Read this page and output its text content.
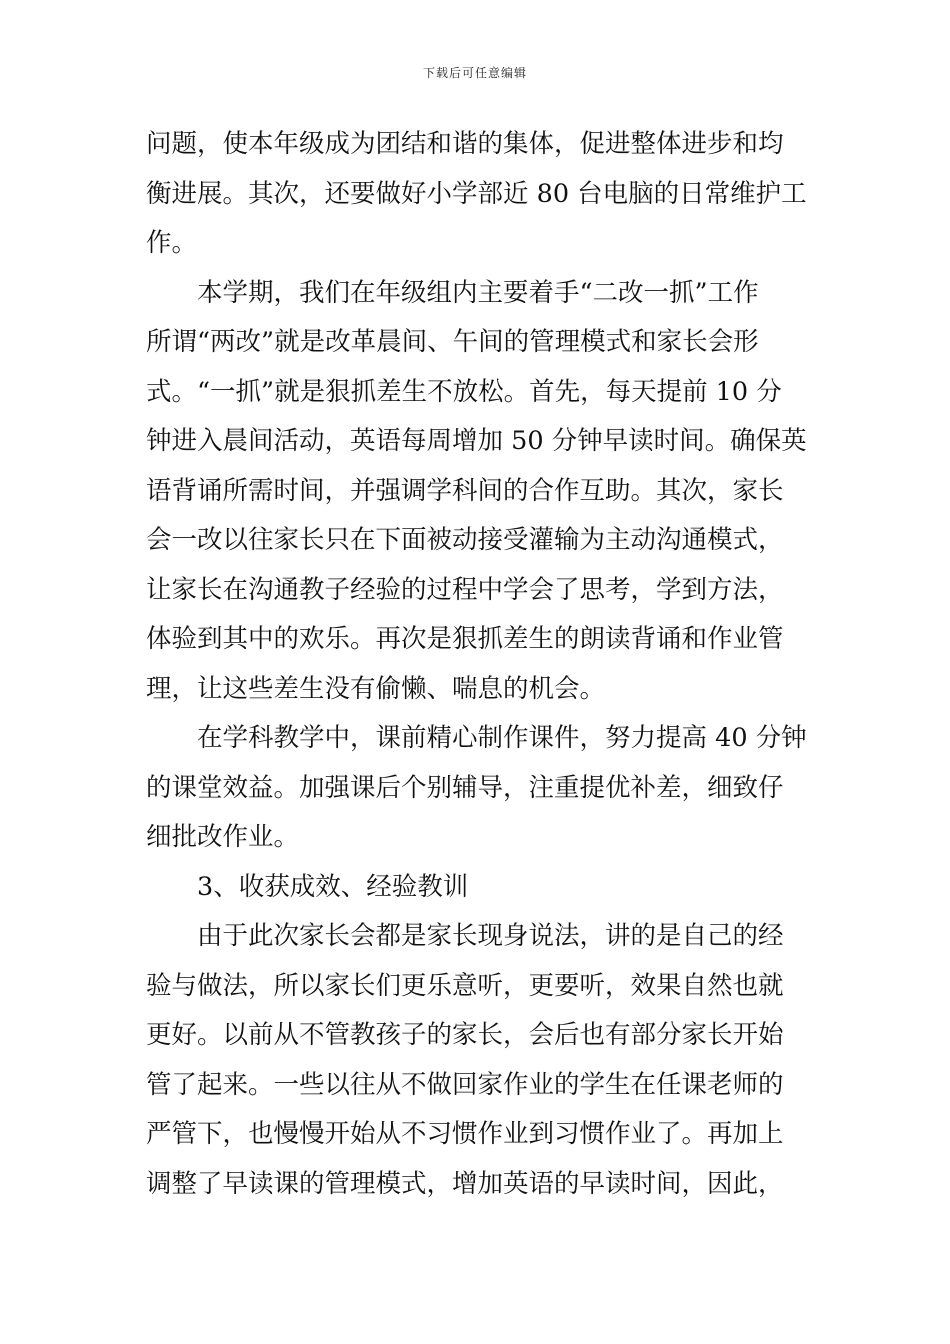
下载后可任意编辑
问题，使本年级成为团结和谐的集体，促进整体进步和均
衡进展。其次，还要做好小学部近 80 台电脑的日常维护工
作。
　　本学期，我们在年级组内主要着手“二改一抓”工作
所谓“两改”就是改革晨间、午间的管理模式和家长会形
式。“一抓”就是狠抓差生不放松。首先，每天提前 10 分
钟进入晨间活动，英语每周增加 50 分钟早读时间。确保英
语背诵所需时间，并强调学科间的合作互助。其次，家长
会一改以往家长只在下面被动接受灌输为主动沟通模式，
让家长在沟通教子经验的过程中学会了思考，学到方法，
体验到其中的欢乐。再次是狠抓差生的朗读背诵和作业管
理，让这些差生没有偷懒、喘息的机会。
　　在学科教学中，课前精心制作课件，努力提高 40 分钟
的课堂效益。加强课后个别辅导，注重提优补差，细致仔
细批改作业。
　　3、收获成效、经验教训
　　由于此次家长会都是家长现身说法，讲的是自己的经
验与做法，所以家长们更乐意听，更要听，效果自然也就
更好。以前从不管教孩子的家长，会后也有部分家长开始
管了起来。一些以往从不做回家作业的学生在任课老师的
严管下，也慢慢开始从不习惯作业到习惯作业了。再加上
调整了早读课的管理模式，增加英语的早读时间，因此，
